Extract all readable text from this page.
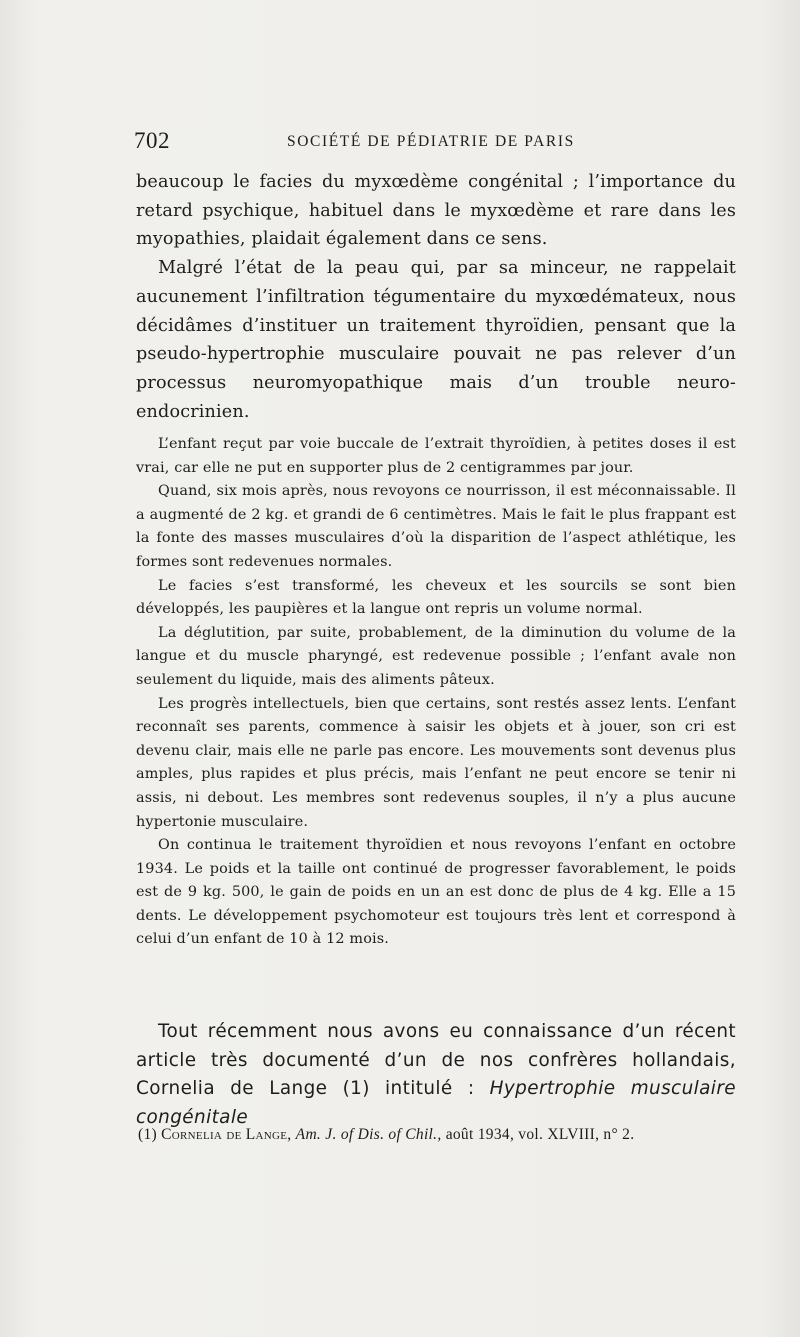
702	SOCIÉTÉ DE PÉDIATRIE DE PARIS

beaucoup le facies du myxœdème congénital ; l’importance du retard psychique, habituel dans le myxœdème et rare dans les myopathies, plaidait également dans ce sens.

Malgré l’état de la peau qui, par sa minceur, ne rappelait aucunement l’infiltration tégumentaire du myxœdémateux, nous décidâmes d’instituer un traitement thyroïdien, pensant que la pseudo-hypertrophie musculaire pouvait ne pas relever d’un processus neuromyopathique mais d’un trouble neuro-endocrinien.

L’enfant reçut par voie buccale de l’extrait thyroïdien, à petites doses il est vrai, car elle ne put en supporter plus de 2 centigrammes par jour.

Quand, six mois après, nous revoyons ce nourrisson, il est méconnaissable. Il a augmenté de 2 kg. et grandi de 6 centimètres. Mais le fait le plus frappant est la fonte des masses musculaires d’où la disparition de l’aspect athlétique, les formes sont redevenues normales.

Le facies s’est transformé, les cheveux et les sourcils se sont bien développés, les paupières et la langue ont repris un volume normal.

La déglutition, par suite, probablement, de la diminution du volume de la langue et du muscle pharyngé, est redevenue possible ; l’enfant avale non seulement du liquide, mais des aliments pâteux.

Les progrès intellectuels, bien que certains, sont restés assez lents. L’enfant reconnaît ses parents, commence à saisir les objets et à jouer, son cri est devenu clair, mais elle ne parle pas encore. Les mouvements sont devenus plus amples, plus rapides et plus précis, mais l’enfant ne peut encore se tenir ni assis, ni debout. Les membres sont redevenus souples, il n’y a plus aucune hypertonie musculaire.

On continua le traitement thyroïdien et nous revoyons l’enfant en octobre 1934. Le poids et la taille ont continué de progresser favorablement, le poids est de 9 kg. 500, le gain de poids en un an est donc de plus de 4 kg. Elle a 15 dents. Le développement psychomoteur est toujours très lent et correspond à celui d’un enfant de 10 à 12 mois.

Tout récemment nous avons eu connaissance d’un récent article très documenté d’un de nos confrères hollandais, Cornelia de Lange (1) intitulé : Hypertrophie musculaire congénitale

(1) Cornelia de Lange, Am. J. of Dis. of Chil., août 1934, vol. XLVIII, n° 2.
